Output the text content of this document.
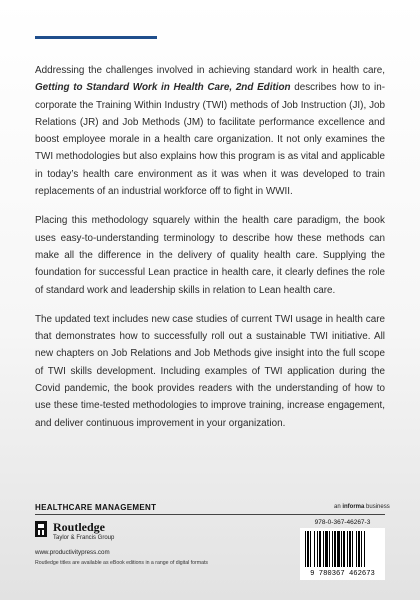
Addressing the challenges involved in achieving standard work in health care, Getting to Standard Work in Health Care, 2nd Edition describes how to incorporate the Training Within Industry (TWI) methods of Job Instruction (JI), Job Relations (JR) and Job Methods (JM) to facilitate performance excellence and boost employee morale in a health care organization. It not only examines the TWI methodologies but also explains how this program is as vital and applicable in today’s health care environment as it was when it was developed to train replacements of an industrial workforce off to fight in WWII.

Placing this methodology squarely within the health care paradigm, the book uses easy-to-understanding terminology to describe how these methods can make all the difference in the delivery of quality health care. Supplying the foundation for successful Lean practice in health care, it clearly defines the role of standard work and leadership skills in relation to Lean health care.

The updated text includes new case studies of current TWI usage in health care that demonstrates how to successfully roll out a sustainable TWI initiative. All new chapters on Job Relations and Job Methods give insight into the full scope of TWI skills development. Including examples of TWI application during the Covid pandemic, the book provides readers with the understanding of how to use these time-tested methodologies to improve training, increase engagement, and deliver continuous improvement in your organization.

HEALTHCARE MANAGEMENT	an informa business
Routledge
Taylor & Francis Group
www.productivitypress.com
Routledge titles are available as eBook editions in a range of digital formats
978-0-367-46267-3
9 780367 462673
